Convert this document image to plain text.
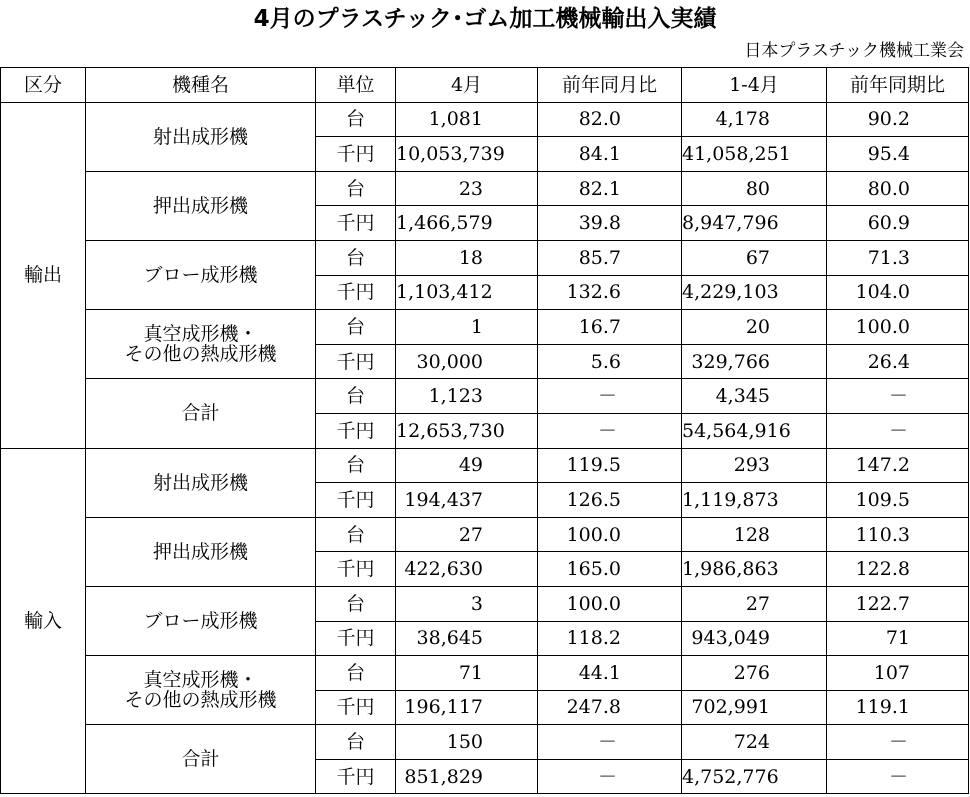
4月のプラスチック･ゴム加工機械輸出入実績
日本プラスチック機械工業会
区分	機種名	単位	4月	前年同月比	1-4月	前年同期比
輸出	射出成形機	台	1,081	82.0	4,178	90.2
		千円	10,053,739	84.1	41,058,251	95.4

	押出成形機	台	23	82.1	80	80.0
		千円	1,466,579	39.8	8,947,796	60.9

	ブロー成形機	台	18	85.7	67	71.3
		千円	1,103,412	132.6	4,229,103	104.0

	真空成形機・
その他の熱成形機	台	1	16.7	20	100.0
		千円	30,000	5.6	329,766	26.4

	合計	台	1,123	－	4,345	－
		千円	12,653,730	－	54,564,916	－
輸入	射出成形機	台	49	119.5	293	147.2
		千円	194,437	126.5	1,119,873	109.5

	押出成形機	台	27	100.0	128	110.3
		千円	422,630	165.0	1,986,863	122.8

	ブロー成形機	台	3	100.0	27	122.7
		千円	38,645	118.2	943,049	71

	真空成形機・
その他の熱成形機	台	71	44.1	276	107
		千円	196,117	247.8	702,991	119.1

	合計	台	150	－	724	－
		千円	851,829	－	4,752,776	－
